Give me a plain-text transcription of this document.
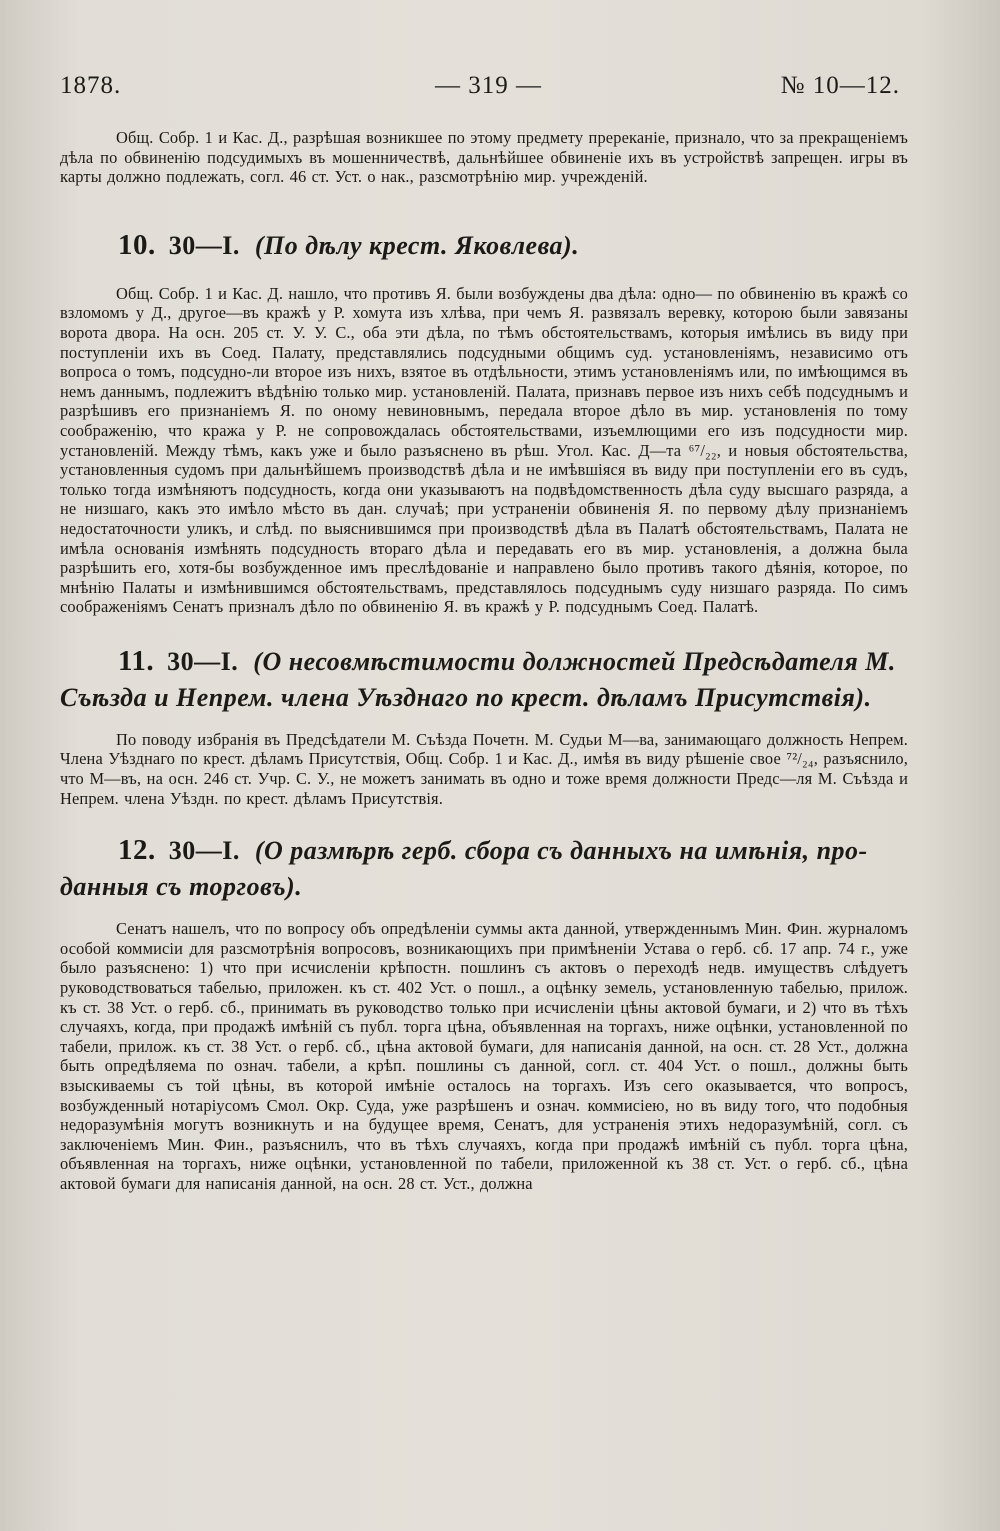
1878.	— 319 —	№ 10—12.

Общ. Собр. 1 и Кас. Д., разрѣшая возникшее по этому предмету пререканіе, признало, что за прекращеніемъ дѣла по обвиненію подсудимыхъ въ мошенничествѣ, дальнѣйшее обвиненіе ихъ въ устройствѣ запрещен. игры въ карты должно подлежать, согл. 46 ст. Уст. о нак., разсмотрѣнію мир. учрежденій.

10. 30—I. (По дѣлу крест. Яковлева).

Общ. Собр. 1 и Кас. Д. нашло, что противъ Я. были возбуждены два дѣла: одно— по обвиненію въ кражѣ со взломомъ у Д., другое—въ кражѣ у Р. хомута изъ хлѣва, при чемъ Я. развязалъ веревку, которою были завязаны ворота двора. На осн. 205 ст. У. У. С., оба эти дѣла, по тѣмъ обстоятельствамъ, которыя имѣлись въ виду при поступленіи ихъ въ Соед. Палату, представлялись подсудными общимъ суд. установленіямъ, независимо отъ вопроса о томъ, подсудно-ли второе изъ нихъ, взятое въ отдѣльности, этимъ установленіямъ или, по имѣющимся въ немъ даннымъ, подлежитъ вѣдѣнію только мир. установленій. Палата, признавъ первое изъ нихъ себѣ подсуднымъ и разрѣшивъ его признаніемъ Я. по оному невиновнымъ, передала второе дѣло въ мир. установленія по тому соображенію, что кража у Р. не сопровождалась обстоятельствами, изъемлющими его изъ подсудности мир. установленій. Между тѣмъ, какъ уже и было разъяснено въ рѣш. Угол. Кас. Д—та ⁶⁷/₂₂, и новыя обстоятельства, установленныя судомъ при дальнѣйшемъ производствѣ дѣла и не имѣвшіяся въ виду при поступленіи его въ судъ, только тогда измѣняютъ подсудность, когда они указываютъ на подвѣдомственность дѣла суду высшаго разряда, а не низшаго, какъ это имѣло мѣсто въ дан. случаѣ; при устраненіи обвиненія Я. по первому дѣлу признаніемъ недостаточности уликъ, и слѣд. по выяснившимся при производствѣ дѣла въ Палатѣ обстоятельствамъ, Палата не имѣла основанія измѣнять подсудность втораго дѣла и передавать его въ мир. установленія, а должна была разрѣшить его, хотя-бы возбужденное имъ преслѣдованіе и направлено было противъ такого дѣянія, которое, по мнѣнію Палаты и измѣнившимся обстоятельствамъ, представлялось подсуднымъ суду низшаго разряда. По симъ соображеніямъ Сенатъ призналъ дѣло по обвиненію Я. въ кражѣ у Р. подсуднымъ Соед. Палатѣ.

11. 30—I. (О несовмѣстимости должностей Предсѣдателя М.
Съѣзда и Непрем. члена Уѣзднаго по крест. дѣламъ Присутствія).

По поводу избранія въ Предсѣдатели М. Съѣзда Почетн. М. Судьи М—ва, занимающаго должность Непрем. Члена Уѣзднаго по крест. дѣламъ Присутствія, Общ. Собр. 1 и Кас. Д., имѣя въ виду рѣшеніе свое ⁷²/₂₄, разъяснило, что М—въ, на осн. 246 ст. Учр. С. У., не можетъ занимать въ одно и тоже время должности Предс—ля М. Съѣзда и Непрем. члена Уѣздн. по крест. дѣламъ Присутствія.

12. 30—I. (О размѣрѣ герб. сбора съ данныхъ на имѣнія, про-
данныя съ торговъ).

Сенатъ нашелъ, что по вопросу объ опредѣленіи суммы акта данной, утвержденнымъ Мин. Фин. журналомъ особой коммисіи для разсмотрѣнія вопросовъ, возникающихъ при примѣненіи Устава о герб. сб. 17 апр. 74 г., уже было разъяснено: 1) что при исчисленіи крѣпостн. пошлинъ съ актовъ о переходѣ недв. имуществъ слѣдуетъ руководствоваться табелью, приложен. къ ст. 402 Уст. о пошл., а оцѣнку земель, установленную табелью, прилож. къ ст. 38 Уст. о герб. сб., принимать въ руководство только при исчисленіи цѣны актовой бумаги, и 2) что въ тѣхъ случаяхъ, когда, при продажѣ имѣній съ публ. торга цѣна, объявленная на торгахъ, ниже оцѣнки, установленной по табели, прилож. къ ст. 38 Уст. о герб. сб., цѣна актовой бумаги, для написанія данной, на осн. ст. 28 Уст., должна быть опредѣляема по означ. табели, а крѣп. пошлины съ данной, согл. ст. 404 Уст. о пошл., должны быть взыскиваемы съ той цѣны, въ которой имѣніе осталось на торгахъ. Изъ сего оказывается, что вопросъ, возбужденный нотаріусомъ Смол. Окр. Суда, уже разрѣшенъ и означ. коммисіею, но въ виду того, что подобныя недоразумѣнія могутъ возникнуть и на будущее время, Сенатъ, для устраненія этихъ недоразумѣній, согл. съ заключеніемъ Мин. Фин., разъяснилъ, что въ тѣхъ случаяхъ, когда при продажѣ имѣній съ публ. торга цѣна, объявленная на торгахъ, ниже оцѣнки, установленной по табели, приложенной къ 38 ст. Уст. о герб. сб., цѣна актовой бумаги для написанія данной, на осн. 28 ст. Уст., должна
